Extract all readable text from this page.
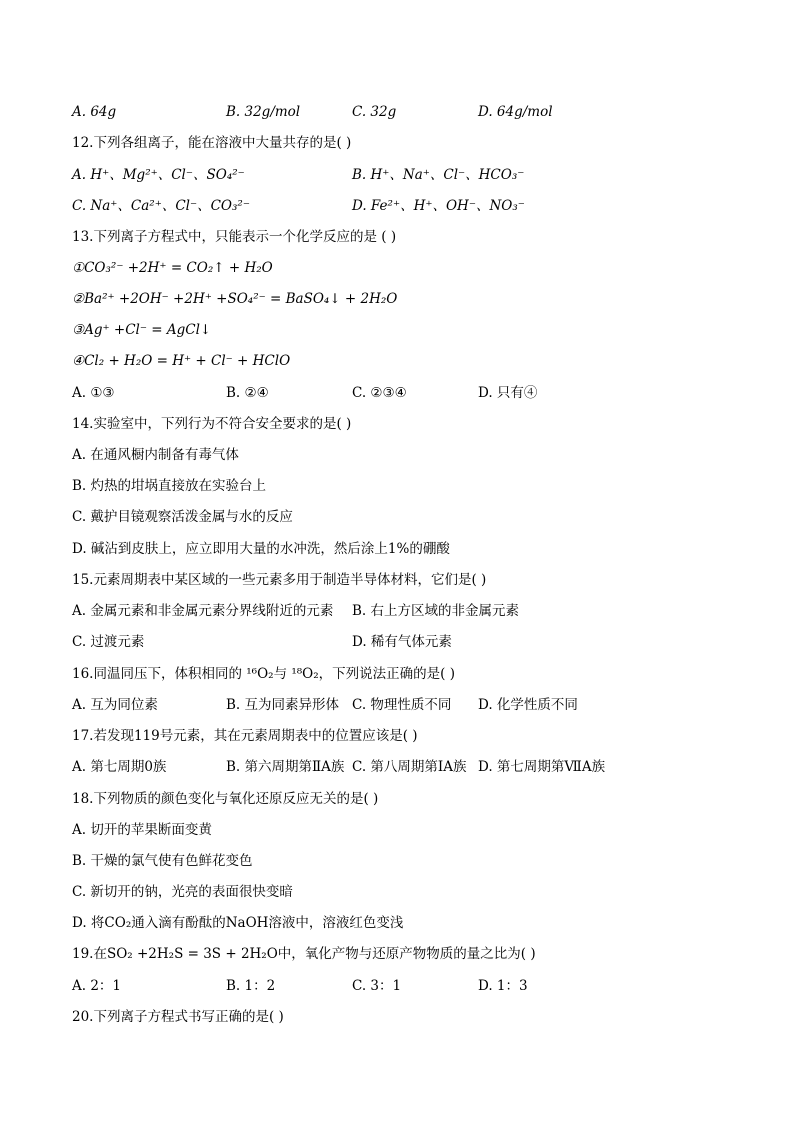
A. 64g	B. 32g/mol	C. 32g	D. 64g/mol
12.下列各组离子，能在溶液中大量共存的是( )
A. H⁺、Mg²⁺、Cl⁻、SO₄²⁻	B. H⁺、Na⁺、Cl⁻、HCO₃⁻
C. Na⁺、Ca²⁺、Cl⁻、CO₃²⁻	D. Fe²⁺、H⁺、OH⁻、NO₃⁻
13.下列离子方程式中，只能表示一个化学反应的是 ( )
①CO₃²⁻ +2H⁺ = CO₂↑ + H₂O
②Ba²⁺ +2OH⁻ +2H⁺ +SO₄²⁻ = BaSO₄↓ + 2H₂O
③Ag⁺ +Cl⁻ = AgCl↓
④Cl₂ + H₂O = H⁺ + Cl⁻ + HClO
A. ①③	B. ②④	C. ②③④	D. 只有④
14.实验室中，下列行为不符合安全要求的是( )
A. 在通风橱内制备有毒气体
B. 灼热的坩埚直接放在实验台上
C. 戴护目镜观察活泼金属与水的反应
D. 碱沾到皮肤上，应立即用大量的水冲洗，然后涂上1%的硼酸
15.元素周期表中某区域的一些元素多用于制造半导体材料，它们是( )
A. 金属元素和非金属元素分界线附近的元素 B. 右上方区域的非金属元素
C. 过渡元素	D. 稀有气体元素
16.同温同压下，体积相同的 ¹⁶O₂与 ¹⁸O₂，下列说法正确的是( )
A. 互为同位素	B. 互为同素异形体 C. 物理性质不同 D. 化学性质不同
17.若发现119号元素，其在元素周期表中的位置应该是( )
A. 第七周期0族	B. 第六周期第ⅡA族 C. 第八周期第ⅠA族 D. 第七周期第ⅦA族
18.下列物质的颜色变化与氧化还原反应无关的是( )
A. 切开的苹果断面变黄
B. 干燥的氯气使有色鲜花变色
C. 新切开的钠，光亮的表面很快变暗
D. 将CO₂通入滴有酚酞的NaOH溶液中，溶液红色变浅
19.在SO₂ +2H₂S = 3S + 2H₂O中，氧化产物与还原产物物质的量之比为( )
A. 2：1	B. 1：2	C. 3：1	D. 1：3
20.下列离子方程式书写正确的是( )
